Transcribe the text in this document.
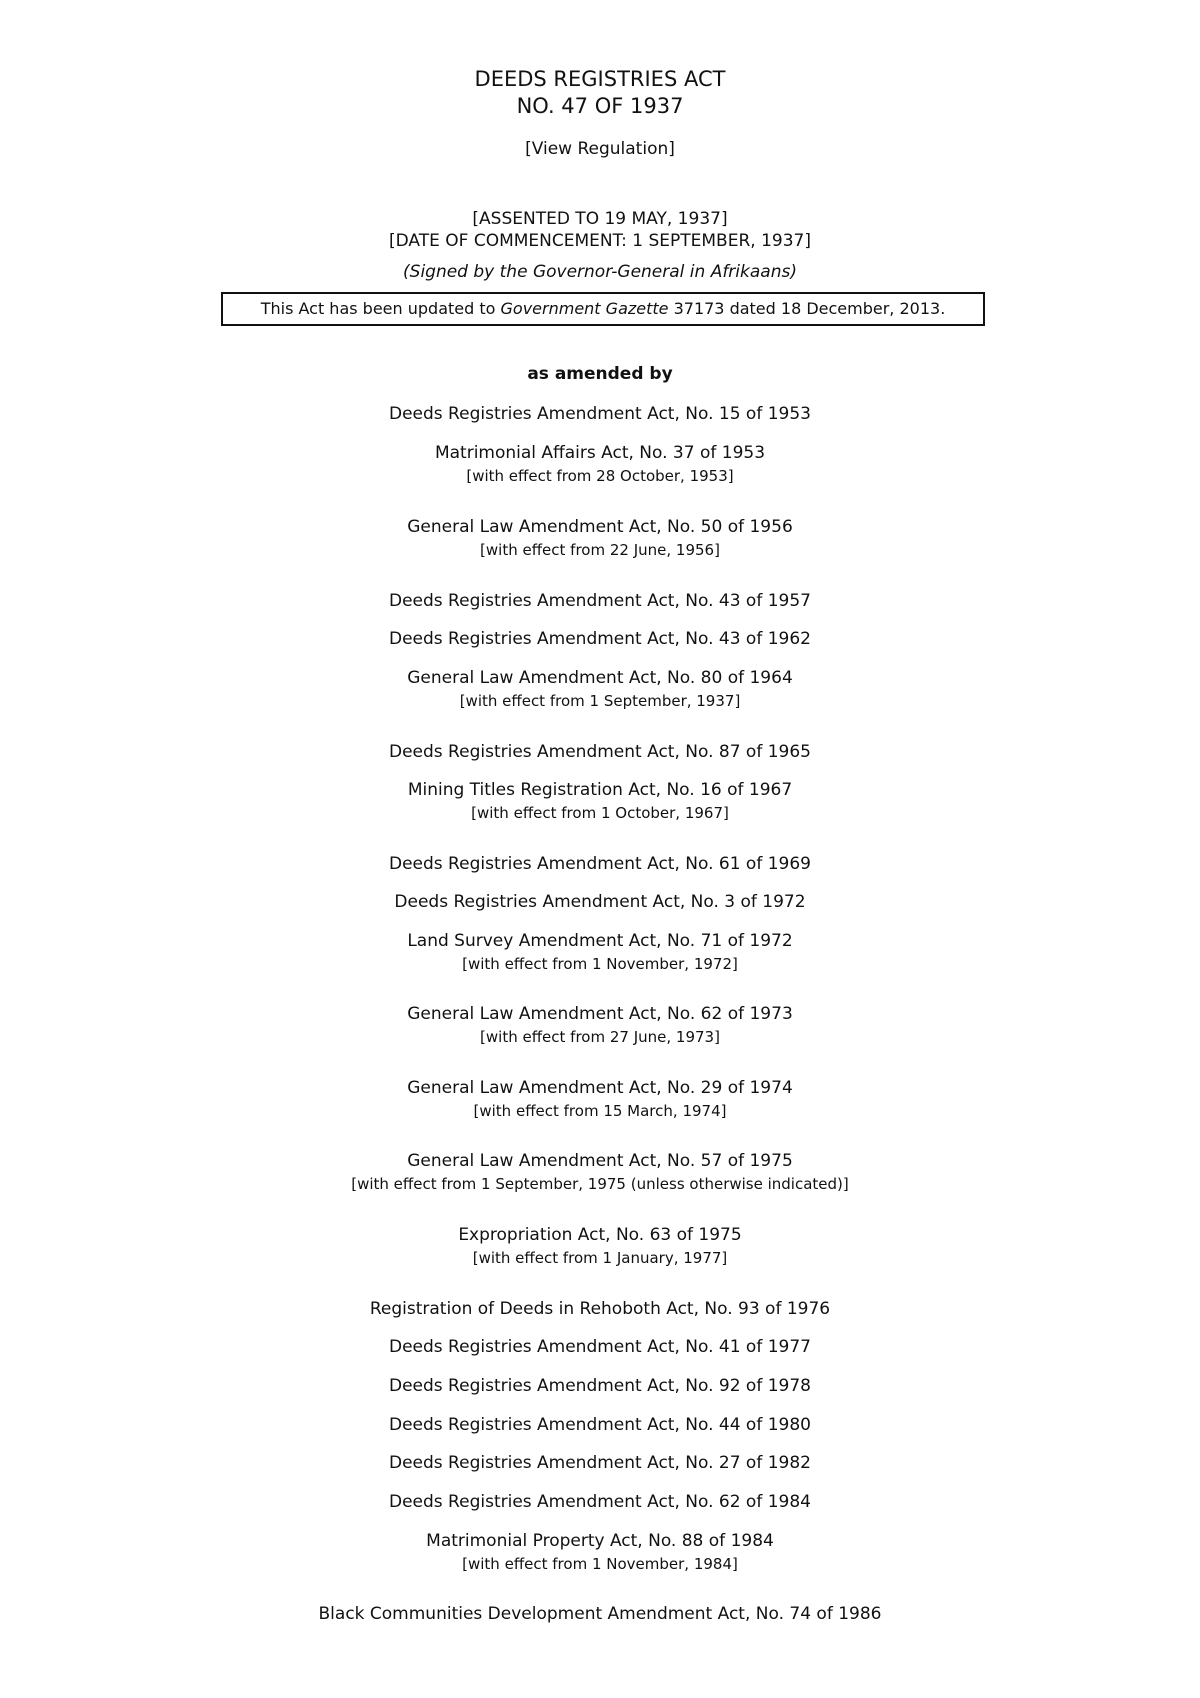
DEEDS REGISTRIES ACT
NO. 47 OF 1937
[View Regulation]
[ASSENTED TO 19 MAY, 1937]
[DATE OF COMMENCEMENT: 1 SEPTEMBER, 1937]
(Signed by the Governor-General in Afrikaans)
This Act has been updated to Government Gazette 37173 dated 18 December, 2013.
as amended by
Deeds Registries Amendment Act, No. 15 of 1953
Matrimonial Affairs Act, No. 37 of 1953
[with effect from 28 October, 1953]
General Law Amendment Act, No. 50 of 1956
[with effect from 22 June, 1956]
Deeds Registries Amendment Act, No. 43 of 1957
Deeds Registries Amendment Act, No. 43 of 1962
General Law Amendment Act, No. 80 of 1964
[with effect from 1 September, 1937]
Deeds Registries Amendment Act, No. 87 of 1965
Mining Titles Registration Act, No. 16 of 1967
[with effect from 1 October, 1967]
Deeds Registries Amendment Act, No. 61 of 1969
Deeds Registries Amendment Act, No. 3 of 1972
Land Survey Amendment Act, No. 71 of 1972
[with effect from 1 November, 1972]
General Law Amendment Act, No. 62 of 1973
[with effect from 27 June, 1973]
General Law Amendment Act, No. 29 of 1974
[with effect from 15 March, 1974]
General Law Amendment Act, No. 57 of 1975
[with effect from 1 September, 1975 (unless otherwise indicated)]
Expropriation Act, No. 63 of 1975
[with effect from 1 January, 1977]
Registration of Deeds in Rehoboth Act, No. 93 of 1976
Deeds Registries Amendment Act, No. 41 of 1977
Deeds Registries Amendment Act, No. 92 of 1978
Deeds Registries Amendment Act, No. 44 of 1980
Deeds Registries Amendment Act, No. 27 of 1982
Deeds Registries Amendment Act, No. 62 of 1984
Matrimonial Property Act, No. 88 of 1984
[with effect from 1 November, 1984]
Black Communities Development Amendment Act, No. 74 of 1986
